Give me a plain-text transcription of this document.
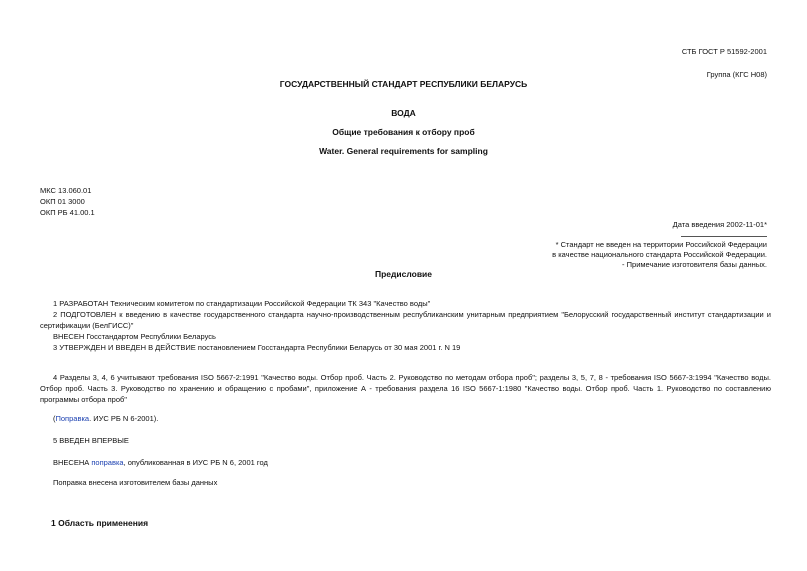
СТБ ГОСТ Р 51592-2001
Группа (КГС Н08)
ГОСУДАРСТВЕННЫЙ СТАНДАРТ РЕСПУБЛИКИ БЕЛАРУСЬ
ВОДА
Общие требования к отбору проб
Water. General requirements for sampling
МКС 13.060.01
ОКП 01 3000
ОКП РБ 41.00.1
Дата введения 2002-11-01*
* Стандарт не введен на территории Российской Федерации
в качестве национального стандарта Российской Федерации.
- Примечание изготовителя базы данных.
Предисловие
1 РАЗРАБОТАН Техническим комитетом по стандартизации Российской Федерации ТК 343 "Качество воды"
2 ПОДГОТОВЛЕН к введению в качестве государственного стандарта научно-производственным республиканским унитарным предприятием "Белорусский государственный институт стандартизации и сертификации (БелГИСС)"
ВНЕСЕН Госстандартом Республики Беларусь
3 УТВЕРЖДЕН И ВВЕДЕН В ДЕЙСТВИЕ постановлением Госстандарта Республики Беларусь от 30 мая 2001 г. N 19
4 Разделы 3, 4, 6 учитывают требования ISO 5667-2:1991 "Качество воды. Отбор проб. Часть 2. Руководство по методам отбора проб"; разделы 3, 5, 7, 8 - требования ISO 5667-3:1994 "Качество воды. Отбор проб. Часть 3. Руководство по хранению и обращению с пробами", приложение А - требования раздела 16 ISO 5667-1:1980 "Качество воды. Отбор проб. Часть 1. Руководство по составлению программы отбора проб"
(Поправка. ИУС РБ N 6-2001).
5 ВВЕДЕН ВПЕРВЫЕ
ВНЕСЕНА поправка, опубликованная в ИУС РБ N 6, 2001 год
Поправка внесена изготовителем базы данных
1 Область применения
